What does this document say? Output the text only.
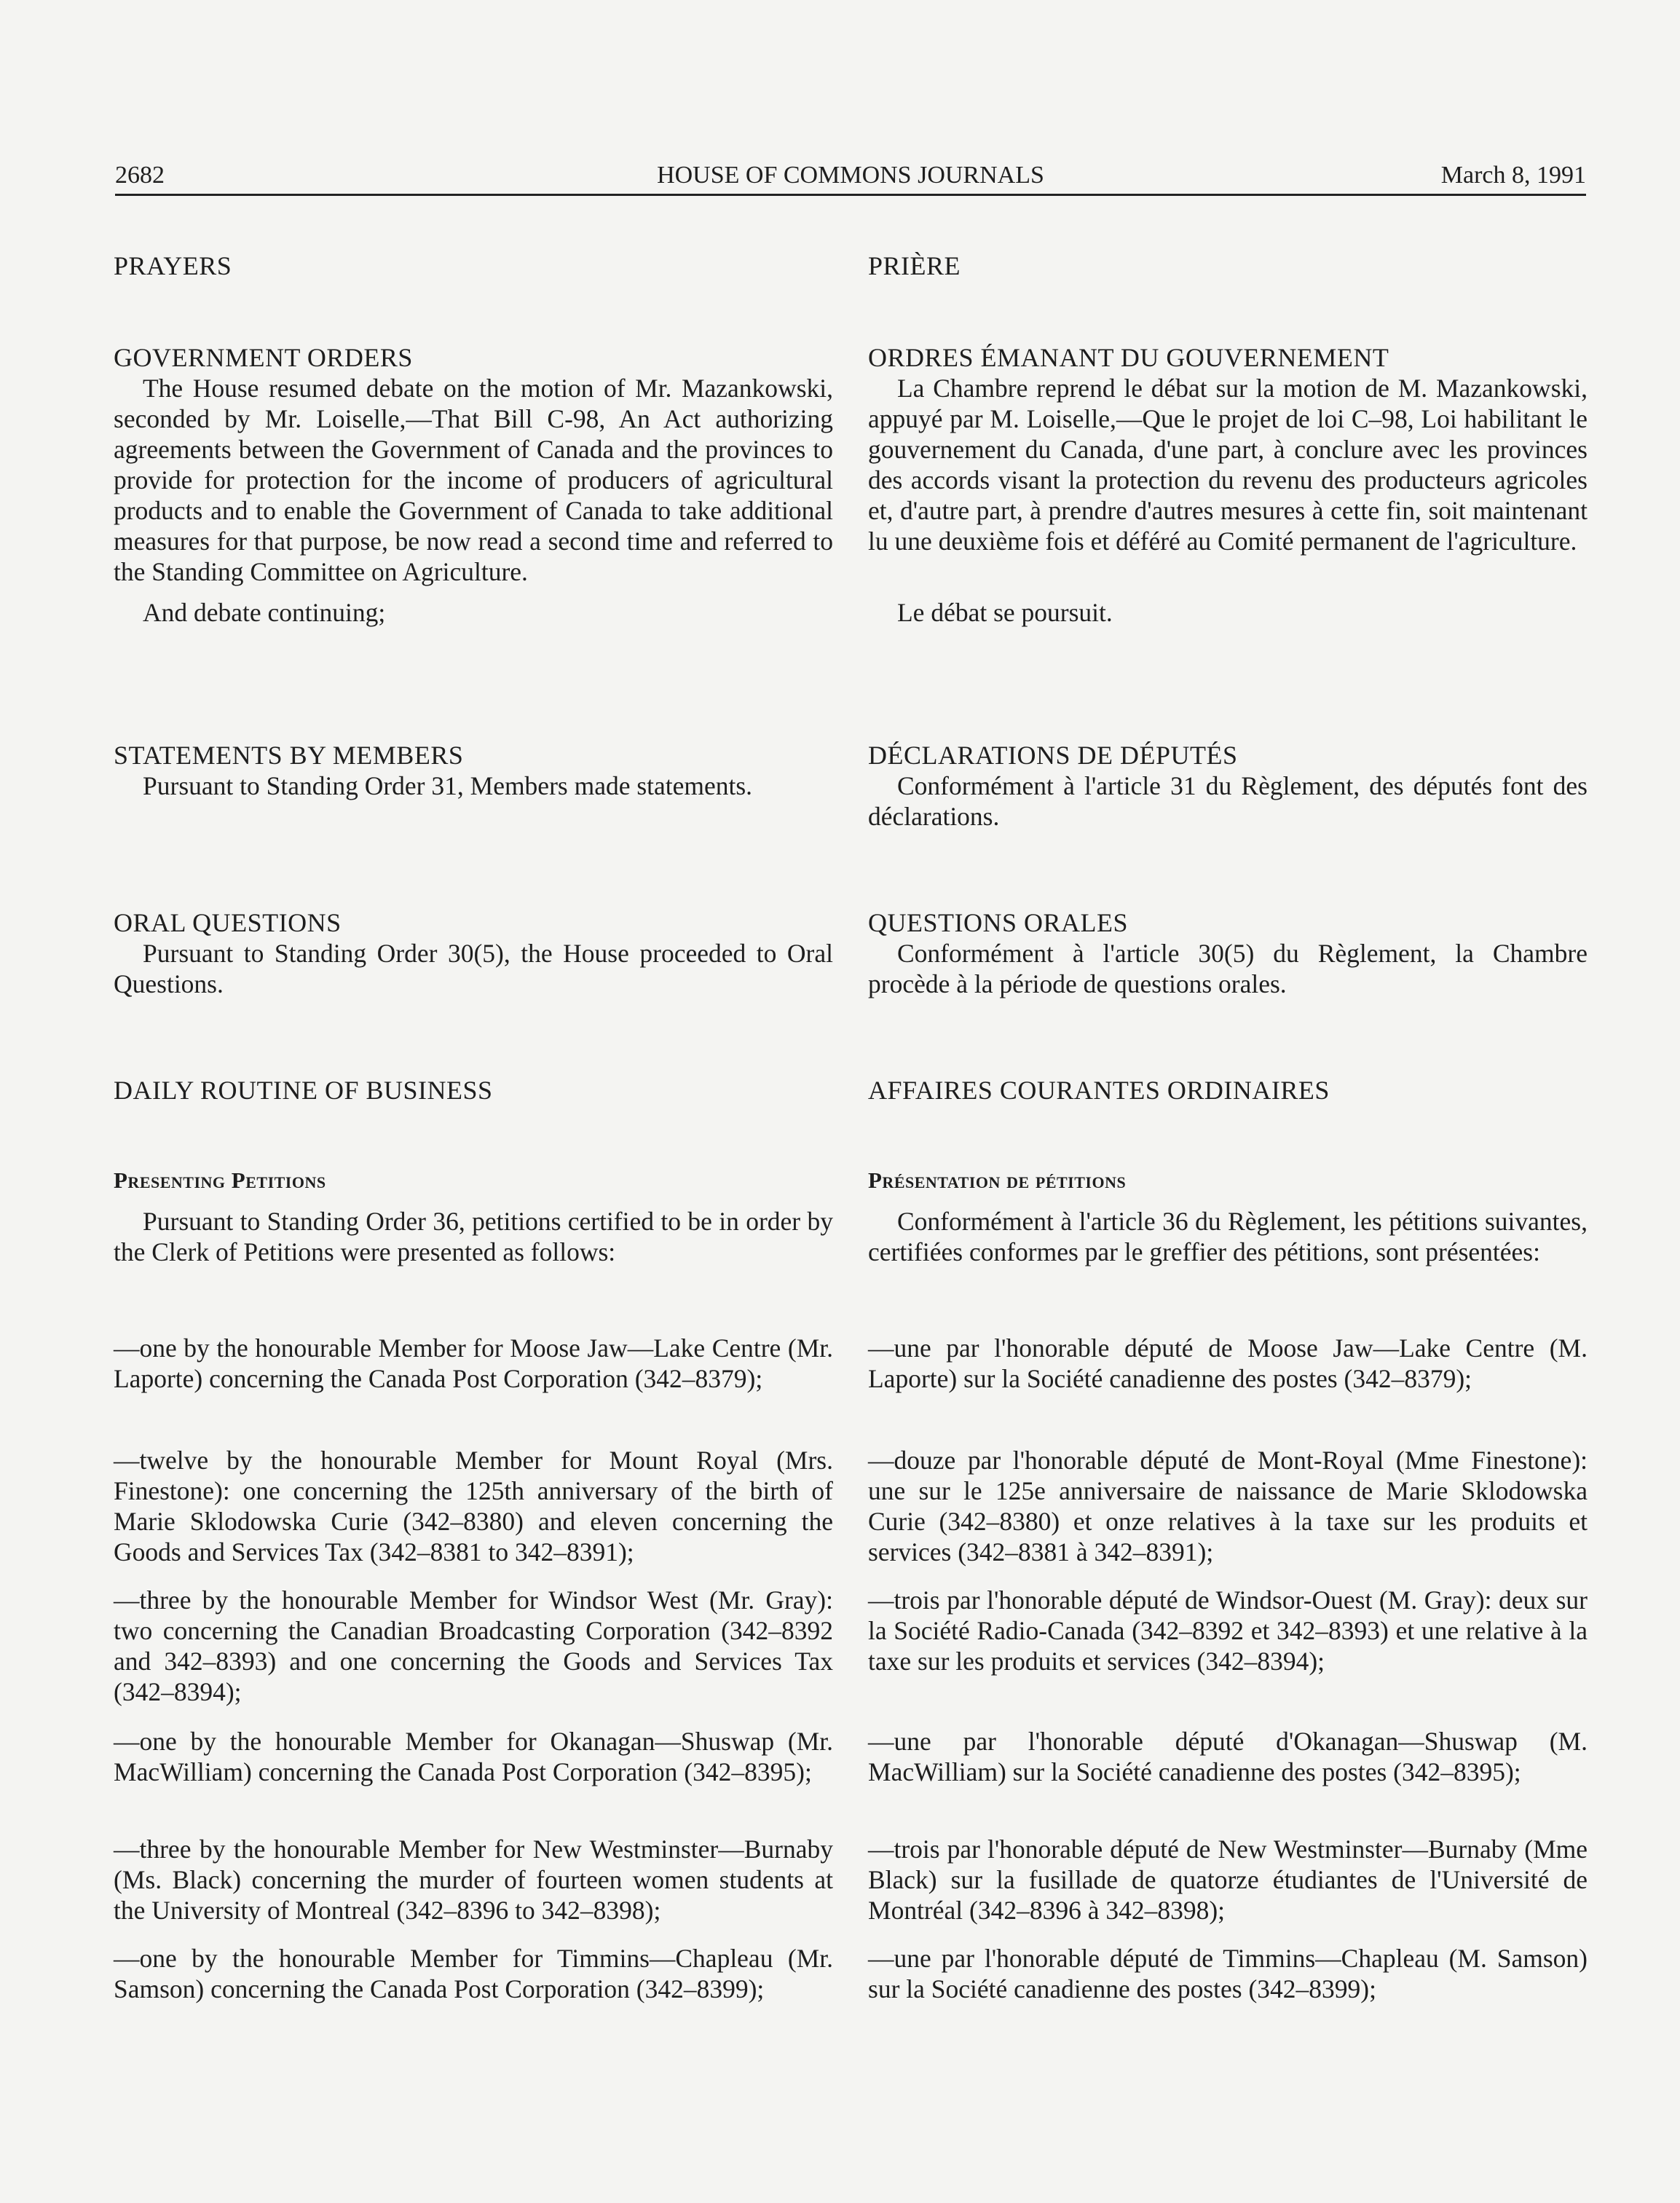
2682	HOUSE OF COMMONS JOURNALS	March 8, 1991
PRAYERS
GOVERNMENT ORDERS

The House resumed debate on the motion of Mr. Mazankowski, seconded by Mr. Loiselle,—That Bill C-98, An Act authorizing agreements between the Government of Canada and the provinces to provide for protection for the income of producers of agricultural products and to enable the Government of Canada to take additional measures for that purpose, be now read a second time and referred to the Standing Committee on Agriculture.

And debate continuing;

STATEMENTS BY MEMBERS

Pursuant to Standing Order 31, Members made statements.

ORAL QUESTIONS

Pursuant to Standing Order 30(5), the House proceeded to Oral Questions.

DAILY ROUTINE OF BUSINESS
Presenting Petitions

Pursuant to Standing Order 36, petitions certified to be in order by the Clerk of Petitions were presented as follows:

—one by the honourable Member for Moose Jaw—Lake Centre (Mr. Laporte) concerning the Canada Post Corporation (342–8379);

—twelve by the honourable Member for Mount Royal (Mrs. Finestone): one concerning the 125th anniversary of the birth of Marie Sklodowska Curie (342–8380) and eleven concerning the Goods and Services Tax (342–8381 to 342–8391);

—three by the honourable Member for Windsor West (Mr. Gray): two concerning the Canadian Broadcasting Corporation (342–8392 and 342–8393) and one concerning the Goods and Services Tax (342–8394);

—one by the honourable Member for Okanagan—Shuswap (Mr. MacWilliam) concerning the Canada Post Corporation (342–8395);

—three by the honourable Member for New Westminster—Burnaby (Ms. Black) concerning the murder of fourteen women students at the University of Montreal (342–8396 to 342–8398);

—one by the honourable Member for Timmins—Chapleau (Mr. Samson) concerning the Canada Post Corporation (342–8399);

PRIÈRE
ORDRES ÉMANANT DU GOUVERNEMENT

La Chambre reprend le débat sur la motion de M. Mazankowski, appuyé par M. Loiselle,—Que le projet de loi C–98, Loi habilitant le gouvernement du Canada, d'une part, à conclure avec les provinces des accords visant la protection du revenu des producteurs agricoles et, d'autre part, à prendre d'autres mesures à cette fin, soit maintenant lu une deuxième fois et déféré au Comité permanent de l'agriculture.

Le débat se poursuit.

DÉCLARATIONS DE DÉPUTÉS

Conformément à l'article 31 du Règlement, des députés font des déclarations.

QUESTIONS ORALES

Conformément à l'article 30(5) du Règlement, la Chambre procède à la période de questions orales.

AFFAIRES COURANTES ORDINAIRES
Présentation de pétitions

Conformément à l'article 36 du Règlement, les pétitions suivantes, certifiées conformes par le greffier des pétitions, sont présentées:

—une par l'honorable député de Moose Jaw—Lake Centre (M. Laporte) sur la Société canadienne des postes (342–8379);

—douze par l'honorable député de Mont-Royal (Mme Finestone): une sur le 125e anniversaire de naissance de Marie Sklodowska Curie (342–8380) et onze relatives à la taxe sur les produits et services (342–8381 à 342–8391);

—trois par l'honorable député de Windsor-Ouest (M. Gray): deux sur la Société Radio-Canada (342–8392 et 342–8393) et une relative à la taxe sur les produits et services (342–8394);

—une par l'honorable député d'Okanagan—Shuswap (M. MacWilliam) sur la Société canadienne des postes (342–8395);

—trois par l'honorable député de New Westminster—Burnaby (Mme Black) sur la fusillade de quatorze étudiantes de l'Université de Montréal (342–8396 à 342–8398);

—une par l'honorable député de Timmins—Chapleau (M. Samson) sur la Société canadienne des postes (342–8399);
